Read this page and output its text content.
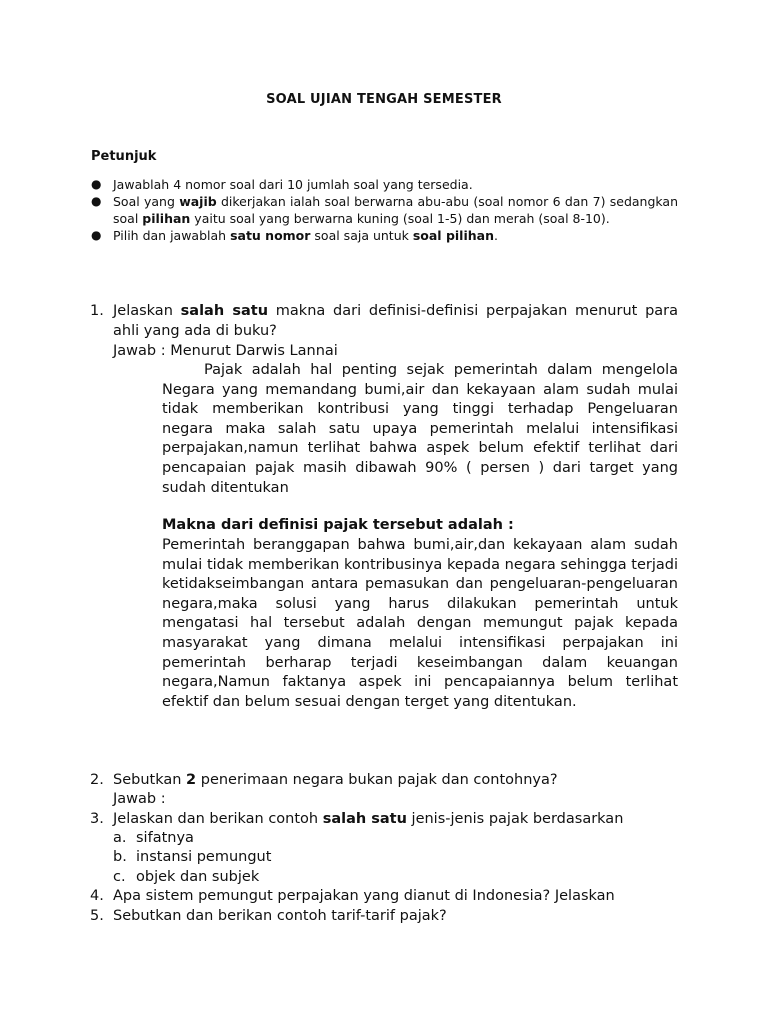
SOAL UJIAN TENGAH SEMESTER

Petunjuk

● Jawablah 4 nomor soal dari 10 jumlah soal yang tersedia.
● Soal yang wajib dikerjakan ialah soal berwarna abu-abu (soal nomor 6 dan 7) sedangkan soal pilihan yaitu soal yang berwarna kuning (soal 1-5) dan merah (soal 8-10).
● Pilih dan jawablah satu nomor soal saja untuk soal pilihan.
1. Jelaskan salah satu makna dari definisi-definisi perpajakan menurut para ahli yang ada di buku?
Jawab : Menurut Darwis Lannai
Pajak adalah hal penting sejak pemerintah dalam mengelola Negara yang memandang bumi,air dan kekayaan alam sudah mulai tidak memberikan kontribusi yang tinggi terhadap Pengeluaran negara maka salah satu upaya pemerintah melalui intensifikasi perpajakan,namun terlihat bahwa aspek belum efektif terlihat dari pencapaian pajak masih dibawah 90% ( persen ) dari target yang sudah ditentukan
Makna dari definisi pajak tersebut adalah :
Pemerintah beranggapan bahwa bumi,air,dan kekayaan alam sudah mulai tidak memberikan kontribusinya kepada negara sehingga terjadi ketidakseimbangan antara pemasukan dan pengeluaran-pengeluaran negara,maka solusi yang harus dilakukan pemerintah untuk mengatasi hal tersebut adalah dengan memungut pajak kepada masyarakat yang dimana melalui intensifikasi perpajakan ini pemerintah berharap terjadi keseimbangan dalam keuangan negara,Namun faktanya aspek ini pencapaiannya belum terlihat efektif dan belum sesuai dengan terget yang ditentukan.
2. Sebutkan 2 penerimaan negara bukan pajak dan contohnya?
Jawab :
3. Jelaskan dan berikan contoh salah satu jenis-jenis pajak berdasarkan
a. sifatnya
b. instansi pemungut
c. objek dan subjek
4. Apa sistem pemungut perpajakan yang dianut di Indonesia? Jelaskan
5. Sebutkan dan berikan contoh tarif-tarif pajak?
